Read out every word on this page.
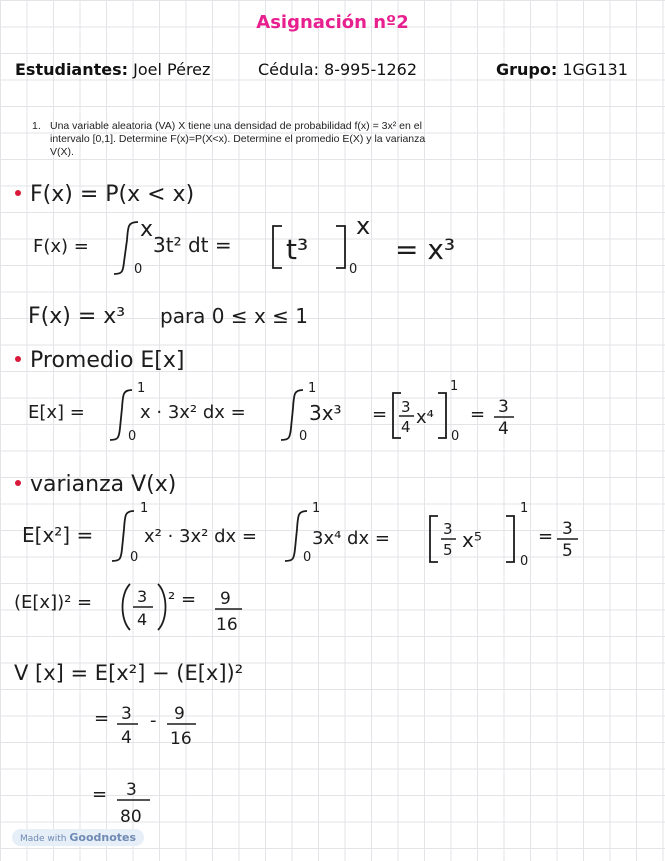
Asignación nº2
Estudiantes: Joel Pérez	Cédula: 8-995-1262	Grupo: 1GG131
1. Una variable aleatoria (VA) X tiene una densidad de probabilidad f(x) = 3x² en el intervalo [0,1]. Determine F(x)=P(X<x). Determine el promedio E(X) y la varianza V(X).
F(x) = P(x < x)
F(x) =
x
0
3t² dt = t³
x
0
= x³
F(x) = x³ para 0 ≤ x ≤ 1
Promedio E[x]
E[x] =
1
0
x · 3x² dx =
1
0
3x³ = 3
4 x⁴
1
0
= 3
4
varianza V(x)
E[x²] =
1
0
x² · 3x² dx =
1
0
3x⁴ dx =	3
5 x⁵
1
0
= 3
5
(E[x])² =	3
4
² = 9
16
V [x] = E[x²] − (E[x])²
= 3
4
- 9
16
= 3
80
Made with Goodnotes
